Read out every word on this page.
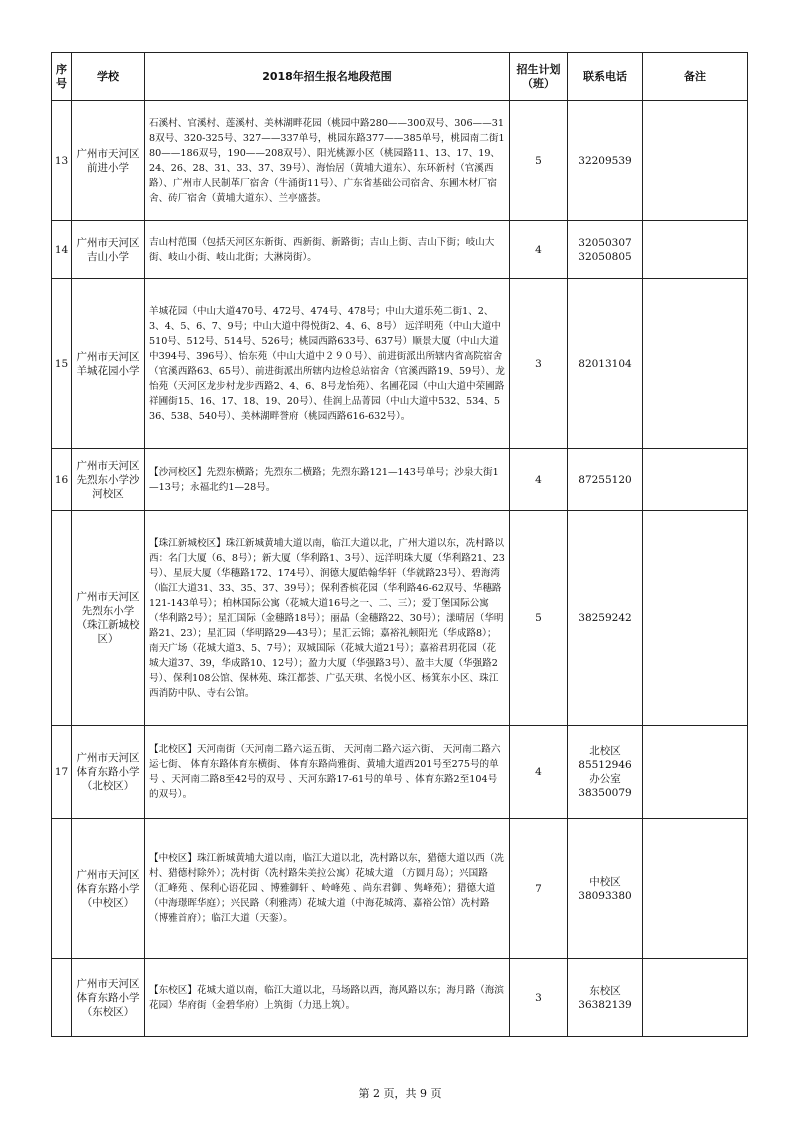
序号	学校	2018年招生报名地段范围	招生计划（班）	联系电话	备注
13	广州市天河区前进小学	石溪村、官溪村、莲溪村、美林湖畔花园（桃园中路280——300双号、306——318双号、320-325号、327——337单号，桃园东路377——385单号，桃园南二街180——186双号，190——208双号）、阳光桃源小区（桃园路11、13、17、19、24、26、28、31、33、37、39号）、海怡居（黄埔大道东）、东环新村（官溪西路）、广州市人民制革厂宿舍（牛涌街11号）、广东省基础公司宿舍、东圃木材厂宿舍、砖厂宿舍（黄埔大道东）、兰亭盛荟。	5	32209539	

14	广州市天河区吉山小学	吉山村范围（包括天河区东新街、西新街、新路街；吉山上街、吉山下街；岐山大街、岐山小街、岐山北街；大淋岗街）。	4	32050307
32050805	

15	广州市天河区羊城花园小学	羊城花园（中山大道470号、472号、474号、478号；中山大道乐苑二街1、2、3、4、5、6、7、9号；中山大道中得悦街2、4、6、8号） 远洋明苑（中山大道中510号、512号、514号、526号；桃园西路633号、637号）顺景大厦（中山大道中394号、396号）、怡东苑（中山大道中２９０号）、前进街派出所辖内省高院宿舍（官溪西路63、65号）、前进街派出所辖内边检总站宿舍（官溪西路19、59号）、龙怡苑（天河区龙步村龙步西路2、4、6、8号龙怡苑）、名圃花园（中山大道中荣圃路祥圃街15、16、17、18、19、20号）、佳润上品菁园（中山大道中532、534、536、538、540号）、美林湖畔誉府（桃园西路616-632号）。	3	82013104	

16	广州市天河区先烈东小学沙河校区	【沙河校区】先烈东横路；先烈东二横路；先烈东路121—143号单号；沙泉大街1—13号；永福北约1—28号。	4	87255120	

	广州市天河区先烈东小学（珠江新城校区）	【珠江新城校区】珠江新城黄埔大道以南，临江大道以北，广州大道以东，冼村路以西：名门大厦（6、8号）；新大厦（华利路1、3号）、远洋明珠大厦（华利路21、23号）、星辰大厦（华穗路172、174号）、润德大厦皓翰华轩（华就路23号）、碧海湾（临江大道31、33、35、37、39号）；保利香槟花园（华利路46-62双号、华穗路121-143单号）；柏林国际公寓（花城大道16号之一、二、三）；爱丁堡国际公寓（华利路2号）；星汇国际（金穗路18号）；丽晶（金穗路22、30号）；漾晴居（华明路21、23）；星汇园（华明路29—43号）；星汇云锦；嘉裕礼顿阳光（华成路8）；南天广场（花城大道3、5、7号）；双城国际（花城大道21号）；嘉裕君玥花园（花城大道37、39，华成路10、12号）；盈力大厦（华强路3号）、盈丰大厦（华强路2号）、保利108公馆、保林苑、珠江都荟、广弘天琪、名悦小区、杨箕东小区、珠江西消防中队、寺右公馆。	5	38259242	

17	广州市天河区体育东路小学（北校区）	【北校区】天河南街（天河南二路六运五街、 天河南二路六运六街、 天河南二路六运七街、 体育东路体育东横街、 体育东路尚雅街、黄埔大道西201号至275号的单号 、天河南二路8至42号的双号 、天河东路17-61号的单号 、体育东路2至104号的双号）。	4	北校区
85512946
办公室
38350079	

	广州市天河区体育东路小学（中校区）	【中校区】珠江新城黄埔大道以南，临江大道以北，冼村路以东，猎德大道以西（冼村、猎德村除外）；冼村街（冼村路朱美拉公寓）花城大道 （方圆月岛）；兴国路 （汇峰苑 、保利心语花园 、博雅御轩 、岭峰苑 、尚东君御 、隽峰苑）；猎德大道 （中海璟晖华庭）；兴民路（利雅湾）花城大道（中海花城湾、嘉裕公馆）冼村路（博雅首府）；临江大道（天銮）。	7	中校区
38093380	

	广州市天河区体育东路小学（东校区）	【东校区】花城大道以南，临江大道以北，马场路以西，海风路以东；海月路（海滨花园）华府街（金碧华府）上筑街（力迅上筑）。	3	东校区
36382139	

第 2 页，共 9 页
